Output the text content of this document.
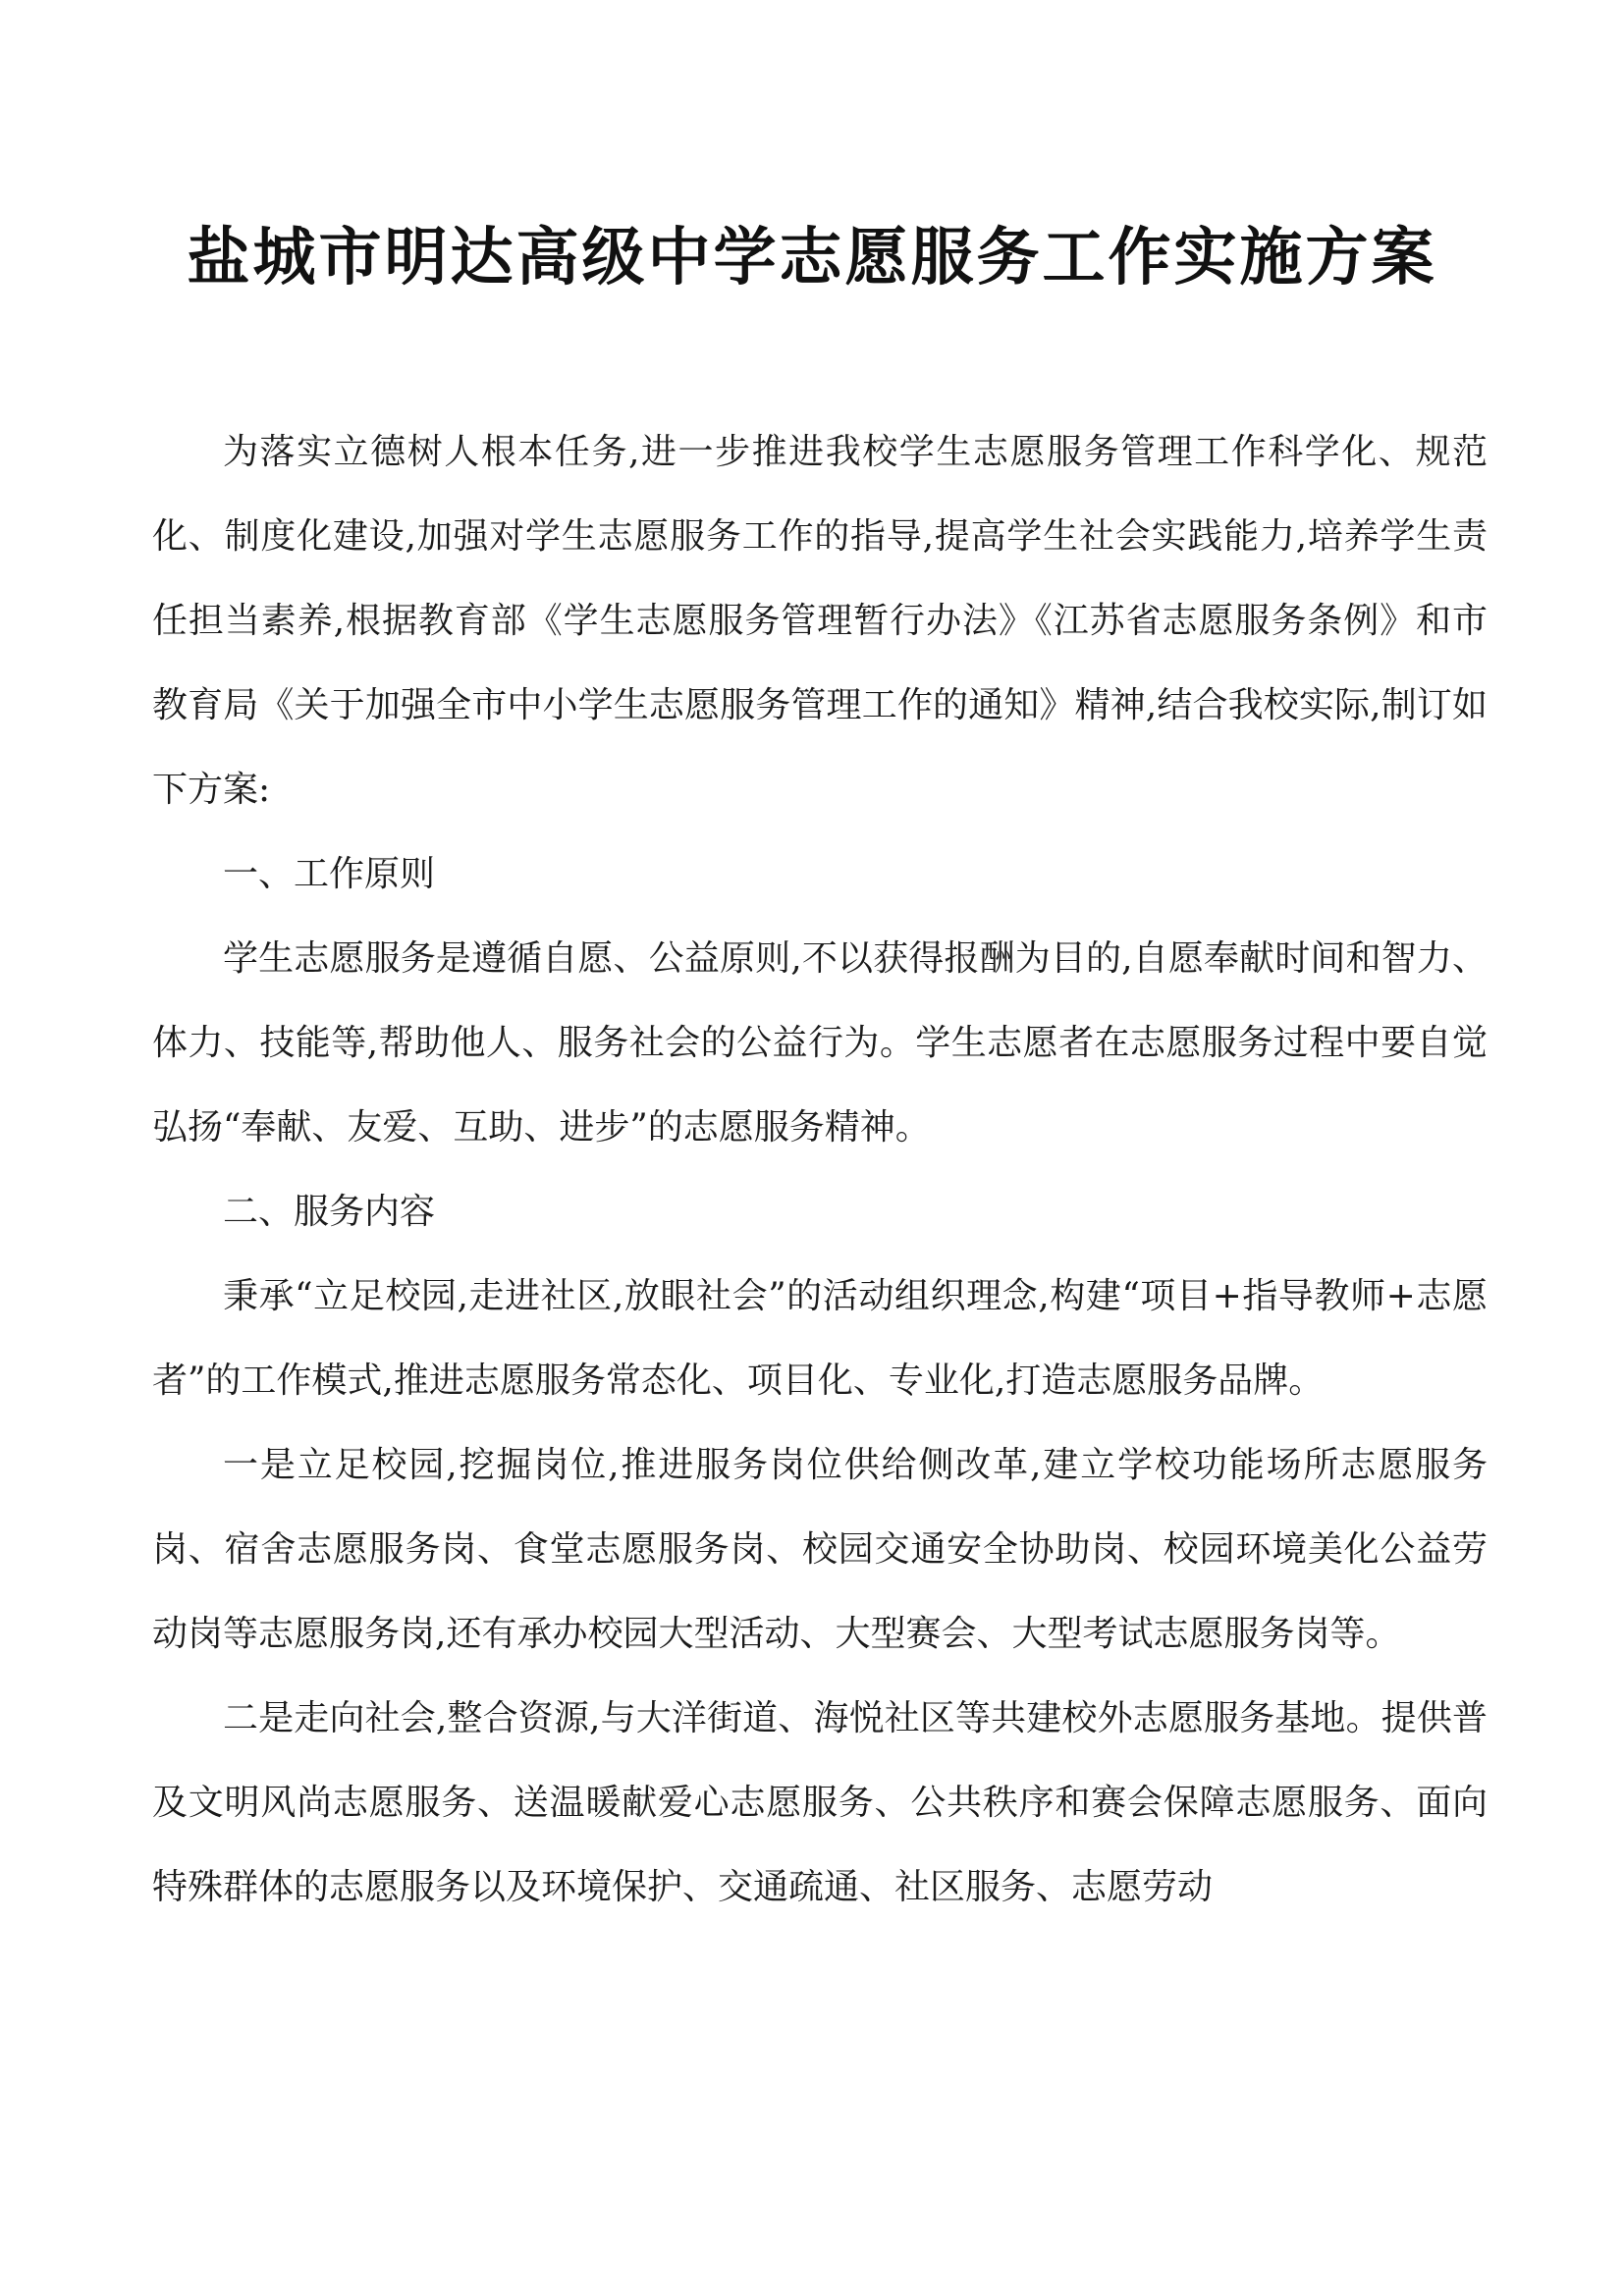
盐城市明达高级中学志愿服务工作实施方案

为落实立德树人根本任务,进一步推进我校学生志愿服务管理工作科学化、规范化、制度化建设,加强对学生志愿服务工作的指导,提高学生社会实践能力,培养学生责任担当素养,根据教育部《学生志愿服务管理暂行办法》《江苏省志愿服务条例》和市教育局《关于加强全市中小学生志愿服务管理工作的通知》精神,结合我校实际,制订如下方案:

一、工作原则

学生志愿服务是遵循自愿、公益原则,不以获得报酬为目的,自愿奉献时间和智力、体力、技能等,帮助他人、服务社会的公益行为。学生志愿者在志愿服务过程中要自觉弘扬“奉献、友爱、互助、进步”的志愿服务精神。

二、服务内容

秉承“立足校园,走进社区,放眼社会”的活动组织理念,构建“项目+指导教师+志愿者”的工作模式,推进志愿服务常态化、项目化、专业化,打造志愿服务品牌。

一是立足校园,挖掘岗位,推进服务岗位供给侧改革,建立学校功能场所志愿服务岗、宿舍志愿服务岗、食堂志愿服务岗、校园交通安全协助岗、校园环境美化公益劳动岗等志愿服务岗,还有承办校园大型活动、大型赛会、大型考试志愿服务岗等。

二是走向社会,整合资源,与大洋街道、海悦社区等共建校外志愿服务基地。提供普及文明风尚志愿服务、送温暖献爱心志愿服务、公共秩序和赛会保障志愿服务、面向特殊群体的志愿服务以及环境保护、交通疏通、社区服务、志愿劳动
